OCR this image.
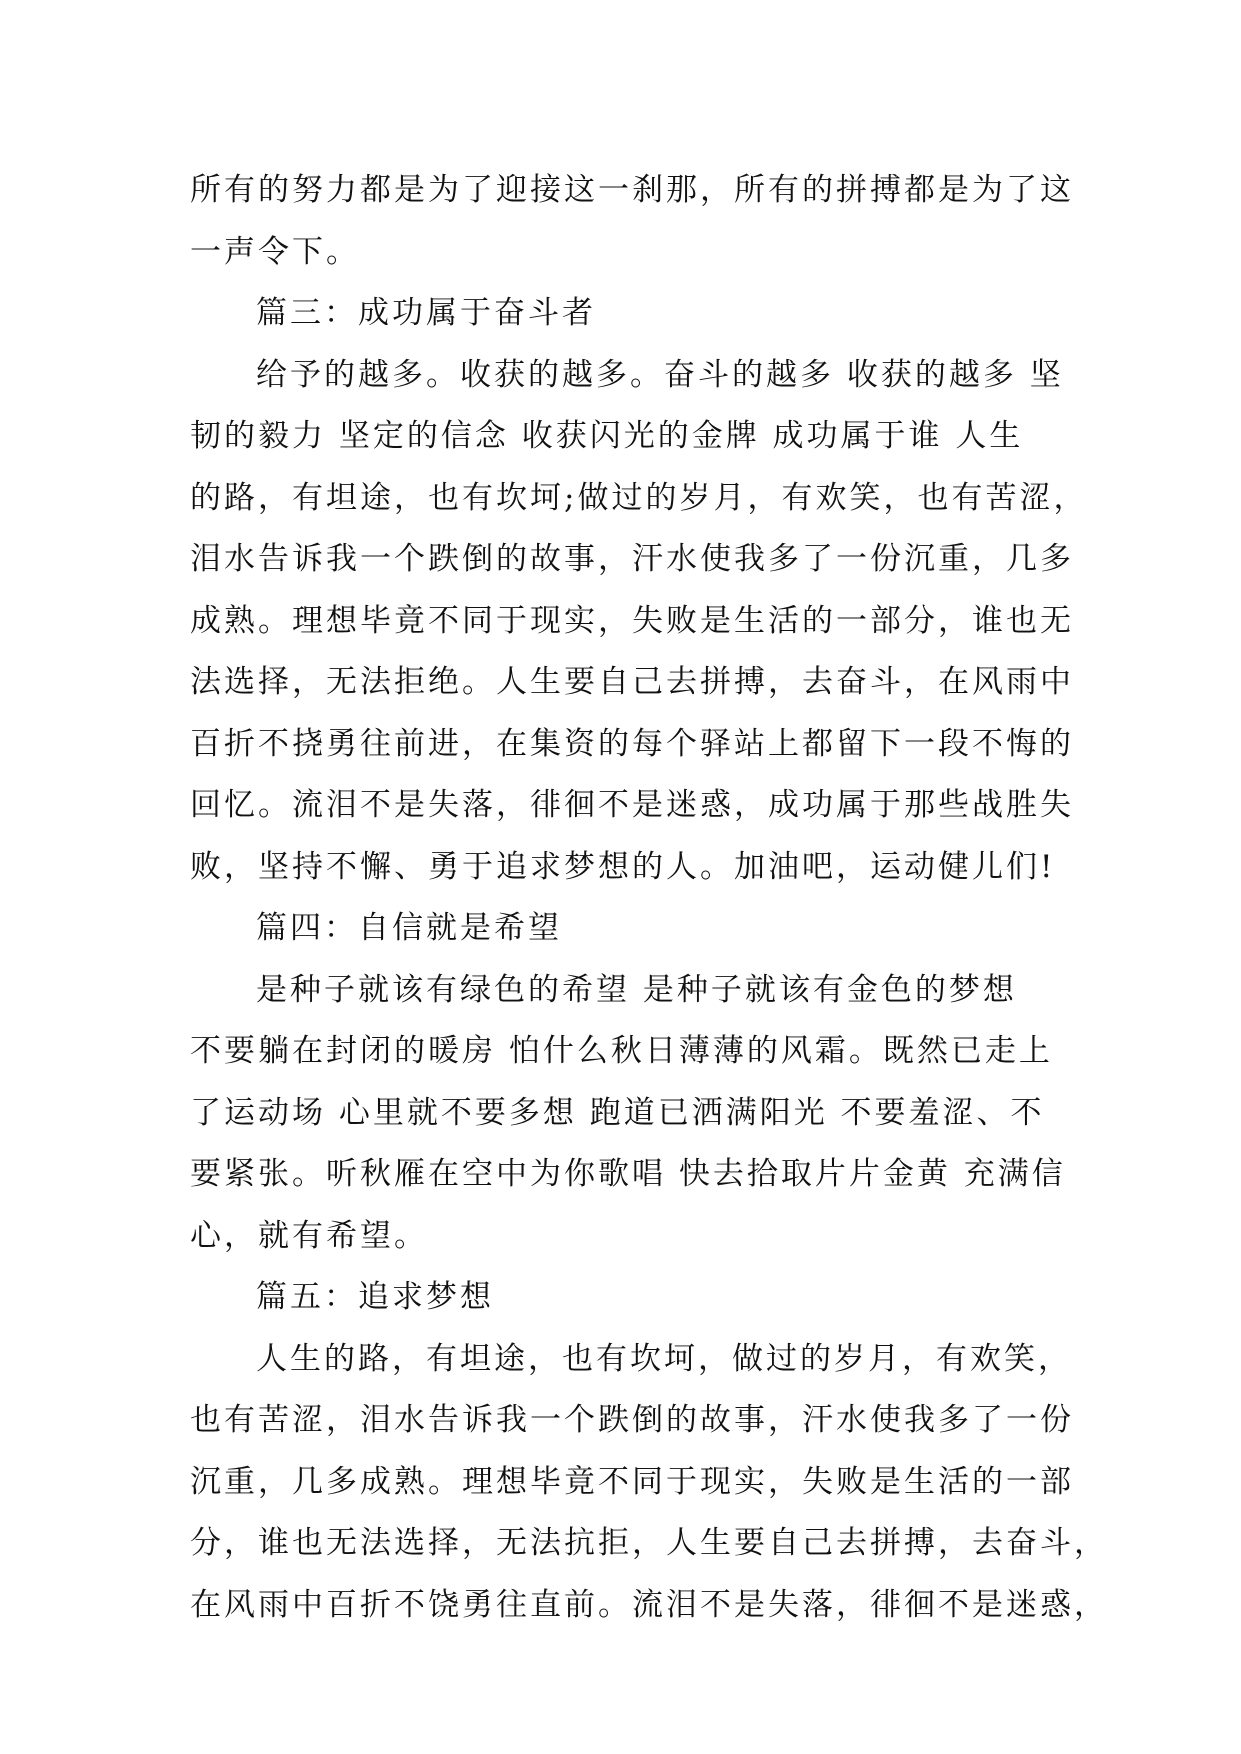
所有的努力都是为了迎接这一刹那，所有的拼搏都是为了这
一声令下。
篇三：成功属于奋斗者
给予的越多。收获的越多。奋斗的越多 收获的越多 坚
韧的毅力 坚定的信念 收获闪光的金牌 成功属于谁 人生
的路，有坦途，也有坎坷;做过的岁月，有欢笑，也有苦涩，
泪水告诉我一个跌倒的故事，汗水使我多了一份沉重，几多
成熟。理想毕竟不同于现实，失败是生活的一部分，谁也无
法选择，无法拒绝。人生要自己去拼搏，去奋斗，在风雨中
百折不挠勇往前进，在集资的每个驿站上都留下一段不悔的
回忆。流泪不是失落，徘徊不是迷惑，成功属于那些战胜失
败，坚持不懈、勇于追求梦想的人。加油吧，运动健儿们!
篇四：自信就是希望
是种子就该有绿色的希望 是种子就该有金色的梦想
不要躺在封闭的暖房 怕什么秋日薄薄的风霜。既然已走上
了运动场 心里就不要多想 跑道已洒满阳光 不要羞涩、不
要紧张。听秋雁在空中为你歌唱 快去拾取片片金黄 充满信
心，就有希望。
篇五：追求梦想
人生的路，有坦途，也有坎坷，做过的岁月，有欢笑，
也有苦涩，泪水告诉我一个跌倒的故事，汗水使我多了一份
沉重，几多成熟。理想毕竟不同于现实，失败是生活的一部
分，谁也无法选择，无法抗拒，人生要自己去拼搏，去奋斗，
在风雨中百折不饶勇往直前。流泪不是失落，徘徊不是迷惑，
